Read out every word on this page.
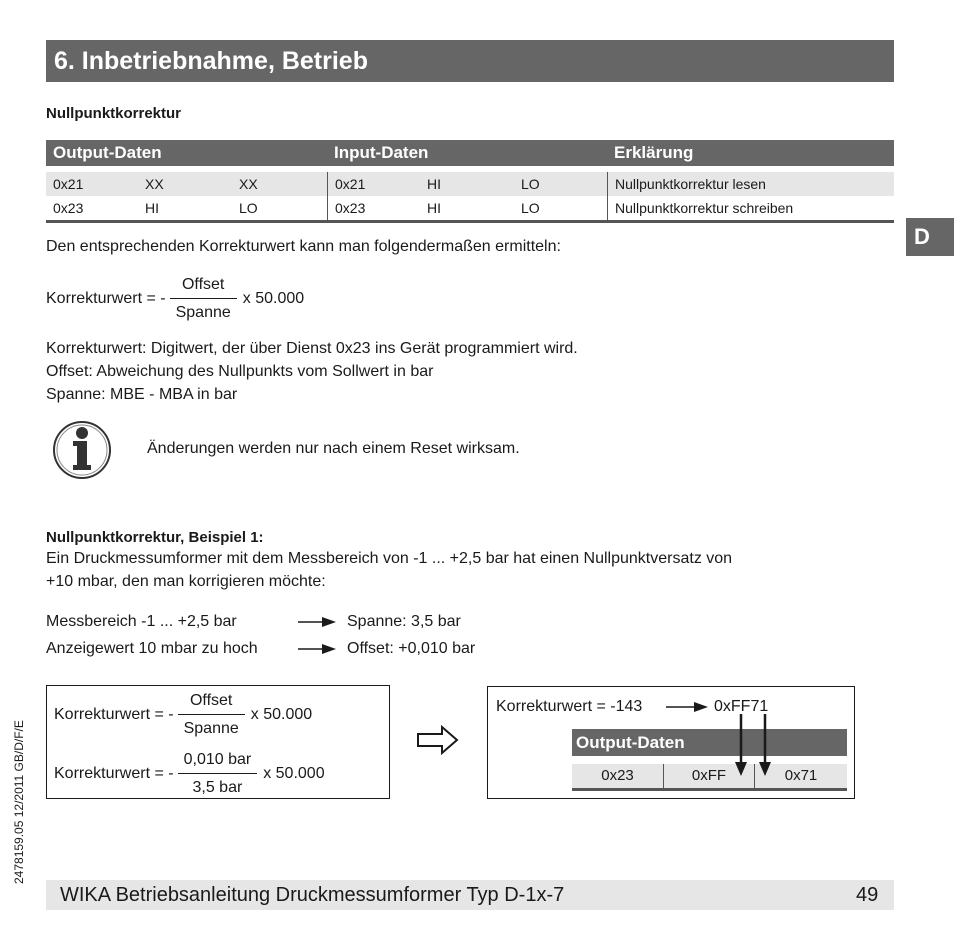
6. Inbetriebnahme, Betrieb
D
Nullpunktkorrektur
Output-Daten	Input-Daten	Erklärung
0x21	XX	XX	0x21	HI	LO	Nullpunktkorrektur lesen
0x23	HI	LO	0x23	HI	LO	Nullpunktkorrektur schreiben
Den entsprechenden Korrekturwert kann man folgendermaßen ermitteln:
Korrekturwert = - $\frac{\text{Offset}}{\text{Spanne}}$ x 50.000
Korrekturwert: Digitwert, der über Dienst 0x23 ins Gerät programmiert wird.
Offset: Abweichung des Nullpunkts vom Sollwert in bar
Spanne: MBE - MBA in bar
Änderungen werden nur nach einem Reset wirksam.
Nullpunktkorrektur, Beispiel 1:
Ein Druckmessumformer mit dem Messbereich von -1 ... +2,5 bar hat einen Nullpunktversatz von
+10 mbar, den man korrigieren möchte:
Messbereich -1 ... +2,5 bar	Spanne: 3,5 bar
Anzeigewert 10 mbar zu hoch	Offset: +0,010 bar
Korrekturwert = - $\frac{\text{Offset}}{\text{Spanne}}$ x 50.000
Korrekturwert = - $\frac{\text{0,010 bar}}{\text{3,5 bar}}$ x 50.000
Korrekturwert = -143	0xFF71
Output-Daten
0x23	0xFF	0x71
2478159.05 12/2011 GB/D/F/E
WIKA Betriebsanleitung Druckmessumformer Typ D-1x-7	49
